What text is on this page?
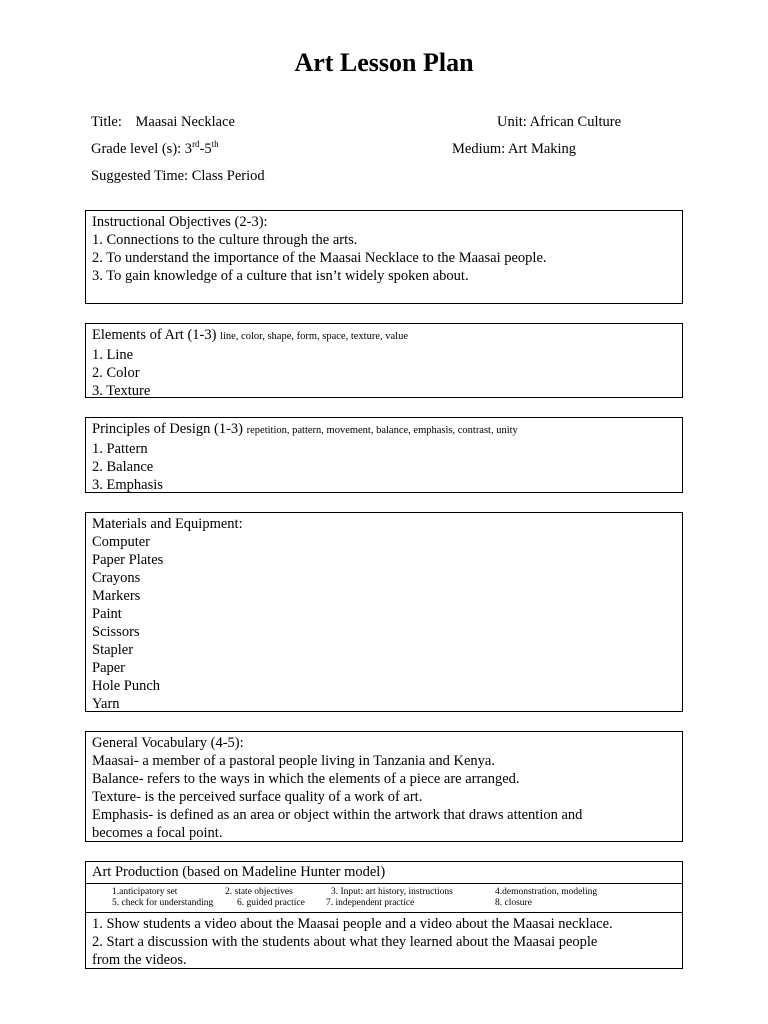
Art Lesson Plan
Title: Maasai Necklace	Unit: African Culture
Grade level (s): 3rd-5th	Medium: Art Making
Suggested Time: Class Period
Instructional Objectives (2-3):
1. Connections to the culture through the arts.
2. To understand the importance of the Maasai Necklace to the Maasai people.
3. To gain knowledge of a culture that isn’t widely spoken about.
Elements of Art (1-3) line, color, shape, form, space, texture, value
1. Line
2. Color
3. Texture
Principles of Design (1-3) repetition, pattern, movement, balance, emphasis, contrast, unity
1. Pattern
2. Balance
3. Emphasis
Materials and Equipment:
Computer
Paper Plates
Crayons
Markers
Paint
Scissors
Stapler
Paper
Hole Punch
Yarn
General Vocabulary (4-5):
Maasai- a member of a pastoral people living in Tanzania and Kenya.
Balance- refers to the ways in which the elements of a piece are arranged.
Texture- is the perceived surface quality of a work of art.
Emphasis- is defined as an area or object within the artwork that draws attention and
becomes a focal point.
Art Production (based on Madeline Hunter model)
1.anticipatory set	2. state objectives	3. Input: art history, instructions	4.demonstration, modeling
5. check for understanding 6. guided practice 7. independent practice	8. closure
1. Show students a video about the Maasai people and a video about the Maasai necklace.
2. Start a discussion with the students about what they learned about the Maasai people
from the videos.
